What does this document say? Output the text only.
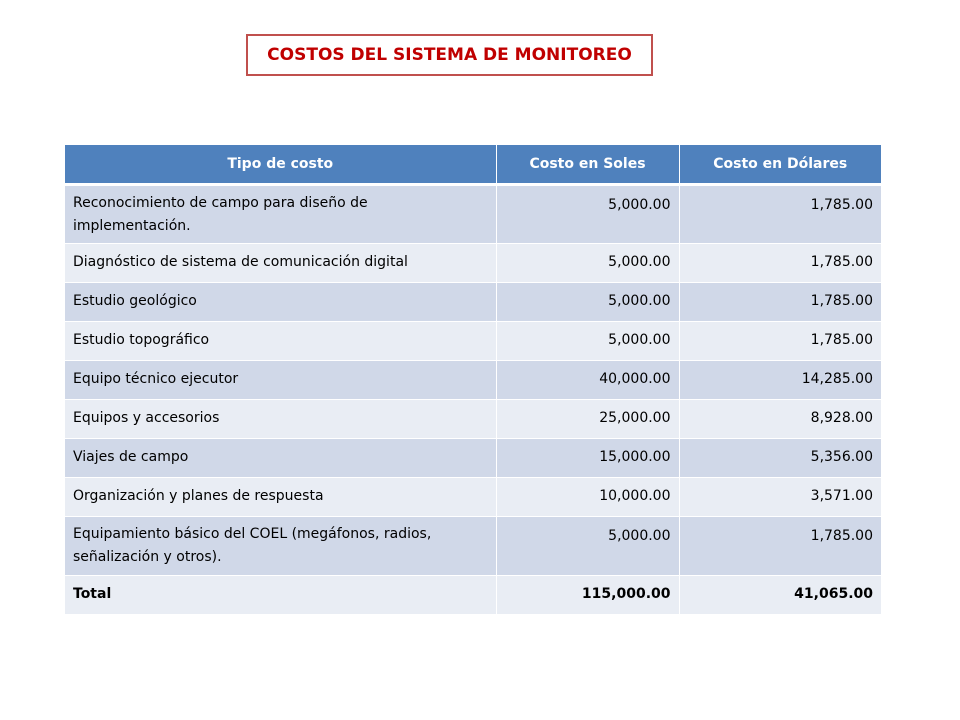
COSTOS DEL SISTEMA DE MONITOREO
Tipo de costo	Costo en Soles	Costo en Dólares
Reconocimiento de campo para diseño de implementación.	5,000.00	1,785.00
Diagnóstico de sistema de comunicación digital	5,000.00	1,785.00
Estudio geológico	5,000.00	1,785.00
Estudio topográfico	5,000.00	1,785.00
Equipo técnico ejecutor	40,000.00	14,285.00
Equipos y accesorios	25,000.00	8,928.00
Viajes de campo	15,000.00	5,356.00
Organización y planes de respuesta	10,000.00	3,571.00
Equipamiento básico del COEL (megáfonos, radios, señalización y otros).	5,000.00	1,785.00
Total	115,000.00	41,065.00
